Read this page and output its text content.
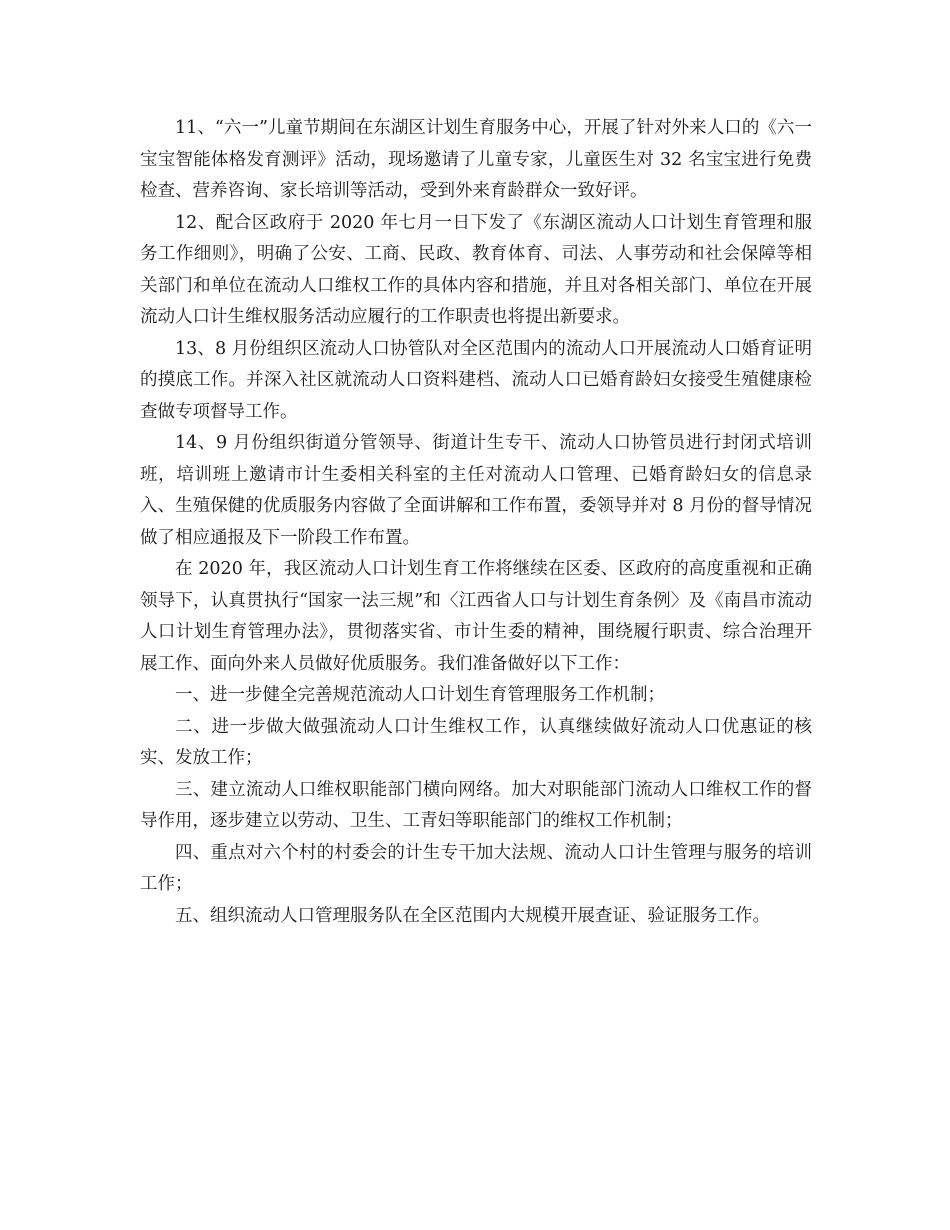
11、“六一”儿童节期间在东湖区计划生育服务中心，开展了针对外来人口的《六一宝宝智能体格发育测评》活动，现场邀请了儿童专家，儿童医生对 32 名宝宝进行免费检查、营养咨询、家长培训等活动，受到外来育龄群众一致好评。

12、配合区政府于 2020 年七月一日下发了《东湖区流动人口计划生育管理和服务工作细则》，明确了公安、工商、民政、教育体育、司法、人事劳动和社会保障等相关部门和单位在流动人口维权工作的具体内容和措施，并且对各相关部门、单位在开展流动人口计生维权服务活动应履行的工作职责也将提出新要求。

13、8 月份组织区流动人口协管队对全区范围内的流动人口开展流动人口婚育证明的摸底工作。并深入社区就流动人口资料建档、流动人口已婚育龄妇女接受生殖健康检查做专项督导工作。

14、9 月份组织街道分管领导、街道计生专干、流动人口协管员进行封闭式培训班，培训班上邀请市计生委相关科室的主任对流动人口管理、已婚育龄妇女的信息录入、生殖保健的优质服务内容做了全面讲解和工作布置，委领导并对 8 月份的督导情况做了相应通报及下一阶段工作布置。

在 2020 年，我区流动人口计划生育工作将继续在区委、区政府的高度重视和正确领导下，认真贯执行“国家一法三规”和〈江西省人口与计划生育条例〉及《南昌市流动人口计划生育管理办法》，贯彻落实省、市计生委的精神，围绕履行职责、综合治理开展工作、面向外来人员做好优质服务。我们准备做好以下工作：

一、进一步健全完善规范流动人口计划生育管理服务工作机制；

二、进一步做大做强流动人口计生维权工作，认真继续做好流动人口优惠证的核实、发放工作；

三、建立流动人口维权职能部门横向网络。加大对职能部门流动人口维权工作的督导作用，逐步建立以劳动、卫生、工青妇等职能部门的维权工作机制；

四、重点对六个村的村委会的计生专干加大法规、流动人口计生管理与服务的培训工作；

五、组织流动人口管理服务队在全区范围内大规模开展查证、验证服务工作。
